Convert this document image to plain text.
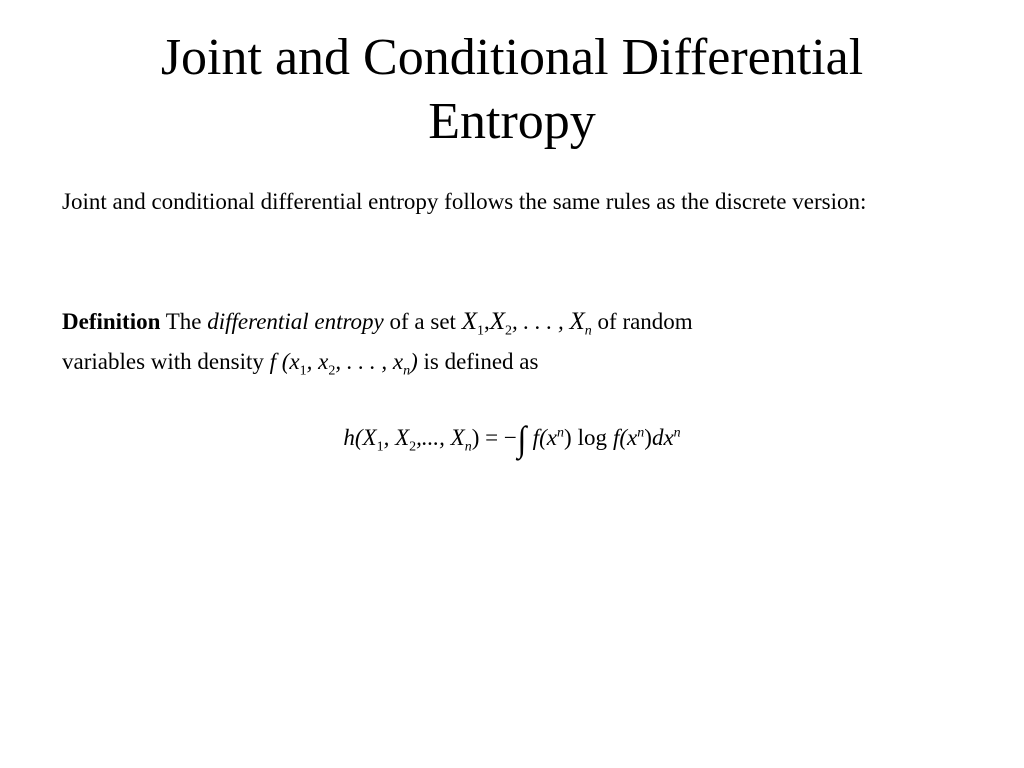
Joint and Conditional Differential
Entropy
Joint and conditional differential entropy follows the same rules as the discrete version:
Definition The differential entropy of a set $X_1,X_2$, . . . , $X_n$ of random
variables with density f ($x_1$, $x_2$, . . . , $x_n$) is defined as
$h(X_1$, $X_2$,..., $X_n$) = −∫ $f(x^n)$ $\log f(x^n)dx^n$
